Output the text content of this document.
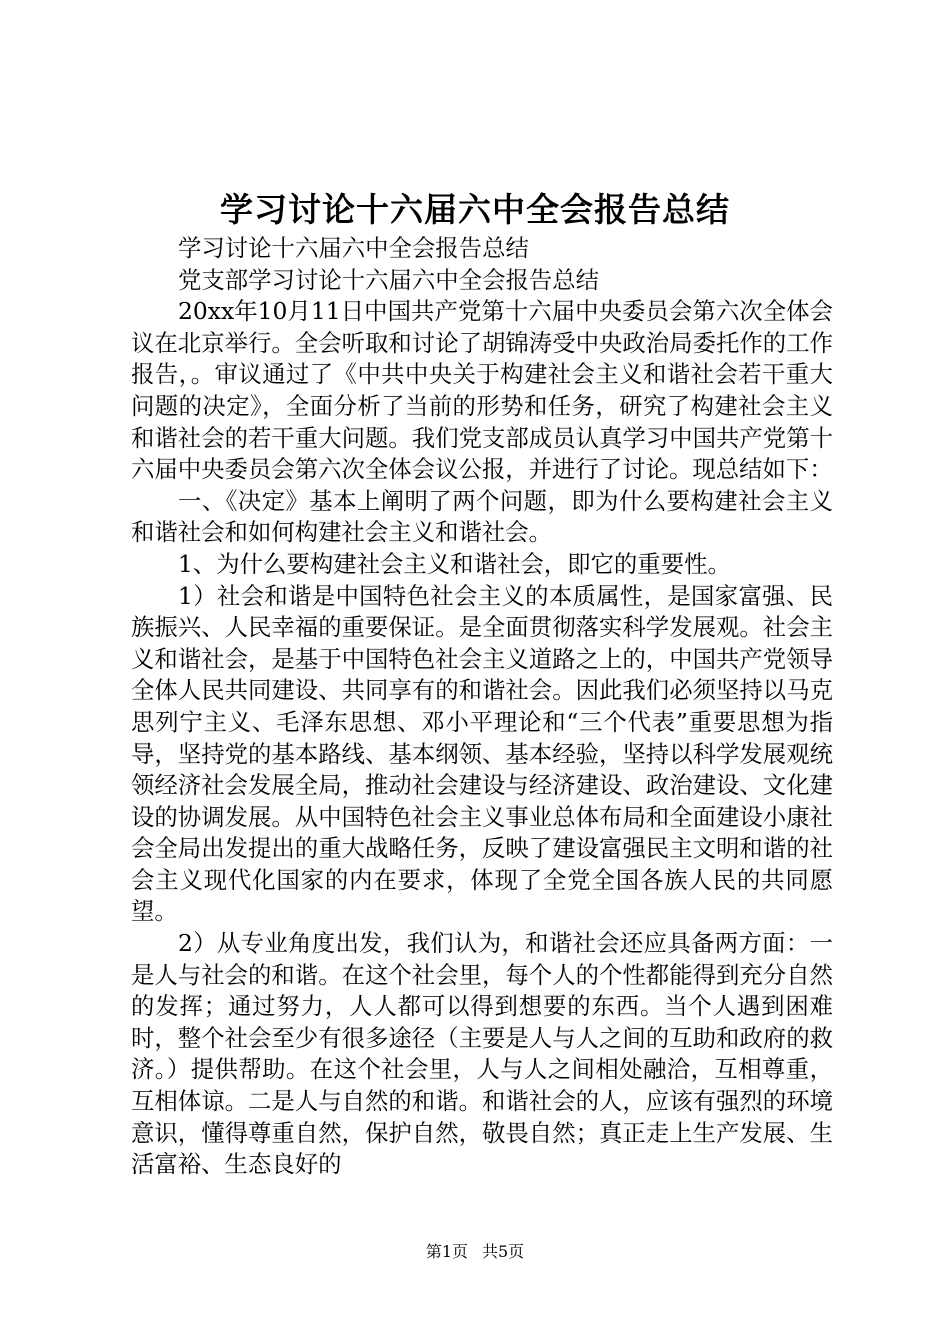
学习讨论十六届六中全会报告总结

学习讨论十六届六中全会报告总结

党支部学习讨论十六届六中全会报告总结

20xx年10月11日中国共产党第十六届中央委员会第六次全体会议在北京举行。全会听取和讨论了胡锦涛受中央政治局委托作的工作报告，。审议通过了《中共中央关于构建社会主义和谐社会若干重大问题的决定》，全面分析了当前的形势和任务，研究了构建社会主义和谐社会的若干重大问题。我们党支部成员认真学习中国共产党第十六届中央委员会第六次全体会议公报，并进行了讨论。现总结如下：

一、《决定》基本上阐明了两个问题，即为什么要构建社会主义和谐社会和如何构建社会主义和谐社会。

1、为什么要构建社会主义和谐社会，即它的重要性。

1）社会和谐是中国特色社会主义的本质属性，是国家富强、民族振兴、人民幸福的重要保证。是全面贯彻落实科学发展观。社会主义和谐社会，是基于中国特色社会主义道路之上的，中国共产党领导全体人民共同建设、共同享有的和谐社会。因此我们必须坚持以马克思列宁主义、毛泽东思想、邓小平理论和“三个代表”重要思想为指导，坚持党的基本路线、基本纲领、基本经验，坚持以科学发展观统领经济社会发展全局，推动社会建设与经济建设、政治建设、文化建设的协调发展。从中国特色社会主义事业总体布局和全面建设小康社会全局出发提出的重大战略任务，反映了建设富强民主文明和谐的社会主义现代化国家的内在要求，体现了全党全国各族人民的共同愿望。

2）从专业角度出发，我们认为，和谐社会还应具备两方面：一是人与社会的和谐。在这个社会里，每个人的个性都能得到充分自然的发挥；通过努力，人人都可以得到想要的东西。当个人遇到困难时，整个社会至少有很多途径（主要是人与人之间的互助和政府的救济。）提供帮助。在这个社会里，人与人之间相处融洽，互相尊重，互相体谅。二是人与自然的和谐。和谐社会的人，应该有强烈的环境意识，懂得尊重自然，保护自然，敬畏自然；真正走上生产发展、生活富裕、生态良好的

第1页 共5页
